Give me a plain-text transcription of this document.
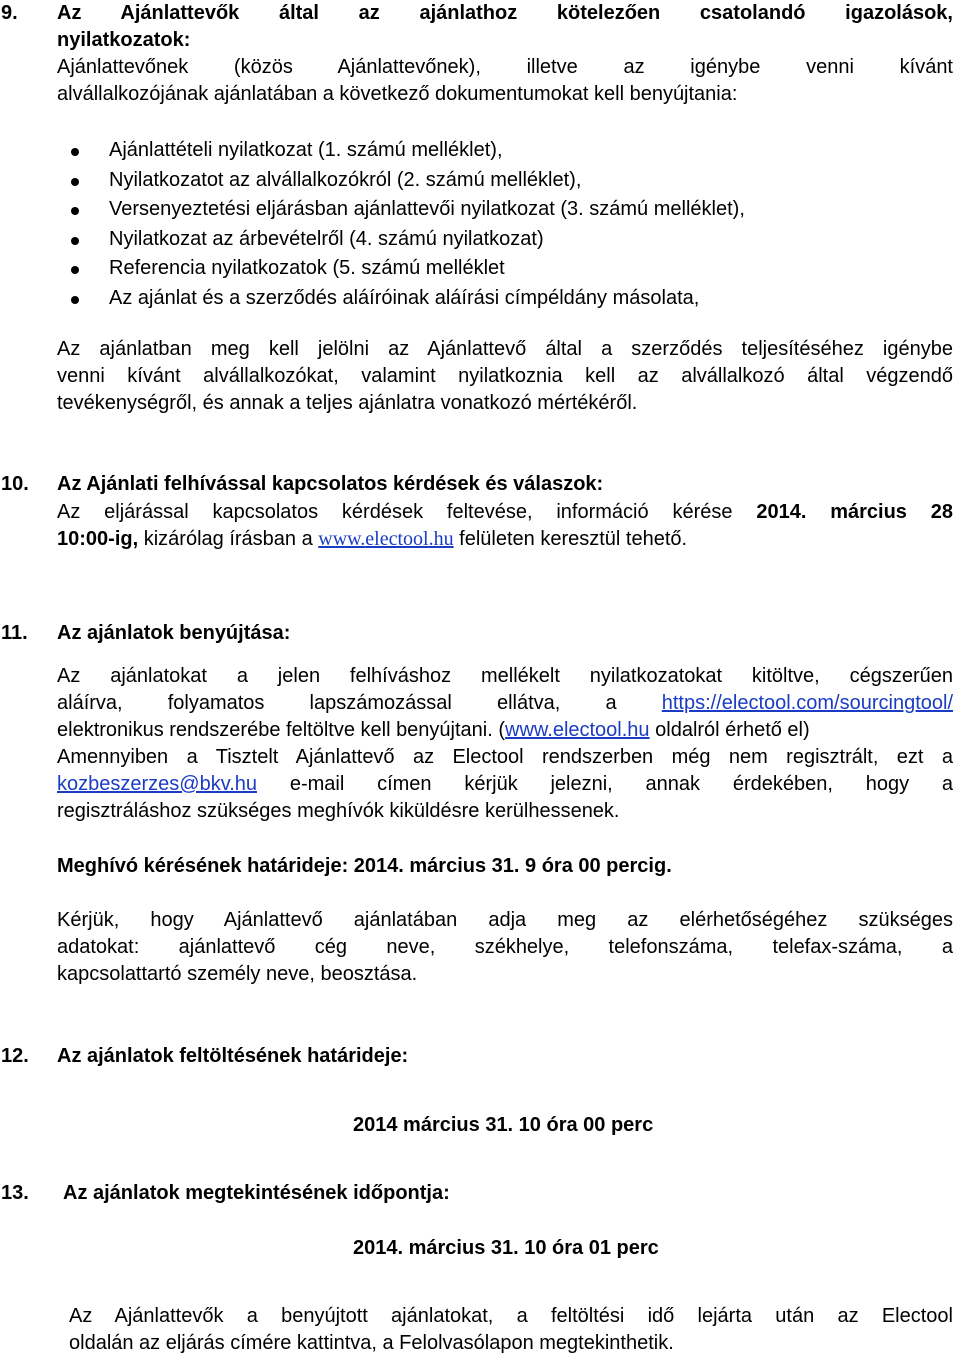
9. Az Ajánlattevők által az ajánlathoz kötelezően csatolandó igazolások,
nyilatkozatok:

Ajánlattevőnek (közös Ajánlattevőnek), illetve az igénybe venni kívánt

alvállalkozójának ajánlatában a következő dokumentumokat kell benyújtania:

Ajánlattételi nyilatkozat (1. számú melléklet),
Nyilatkozatot az alvállalkozókról (2. számú melléklet),
Versenyeztetési eljárásban ajánlattevői nyilatkozat (3. számú melléklet),
Nyilatkozat az árbevételről (4. számú nyilatkozat)
Referencia nyilatkozatok (5. számú melléklet
Az ajánlat és a szerződés aláíróinak aláírási címpéldány másolata,

Az ajánlatban meg kell jelölni az Ajánlattevő által a szerződés teljesítéséhez igénybe

venni kívánt alvállalkozókat, valamint nyilatkoznia kell az alvállalkozó által végzendő

tevékenységről, és annak a teljes ajánlatra vonatkozó mértékéről.

10. Az Ajánlati felhívással kapcsolatos kérdések és válaszok:

Az eljárással kapcsolatos kérdések feltevése, információ kérése 2014. március 28

10:00-ig, kizárólag írásban a www.electool.hu felületen keresztül tehető.

11. Az ajánlatok benyújtása:

Az ajánlatokat a jelen felhíváshoz mellékelt nyilatkozatokat kitöltve, cégszerűen

aláírva, folyamatos lapszámozással ellátva, a https://electool.com/sourcingtool/

elektronikus rendszerébe feltöltve kell benyújtani. (www.electool.hu oldalról érhető el)

Amennyiben a Tisztelt Ajánlattevő az Electool rendszerben még nem regisztrált, ezt a

kozbeszerzes@bkv.hu e-mail címen kérjük jelezni, annak érdekében, hogy a

regisztráláshoz szükséges meghívók kiküldésre kerülhessenek.

Meghívó kérésének határideje: 2014. március 31. 9 óra 00 percig.

Kérjük, hogy Ajánlattevő ajánlatában adja meg az elérhetőségéhez szükséges

adatokat: ajánlattevő cég neve, székhelye, telefonszáma, telefax-száma, a

kapcsolattartó személy neve, beosztása.

12. Az ajánlatok feltöltésének határideje:
2014 március 31. 10 óra 00 perc
13. Az ajánlatok megtekintésének időpontja:
2014. március 31. 10 óra 01 perc

Az Ajánlattevők a benyújtott ajánlatokat, a feltöltési idő lejárta után az Electool

oldalán az eljárás címére kattintva, a Felolvasólapon megtekinthetik.
